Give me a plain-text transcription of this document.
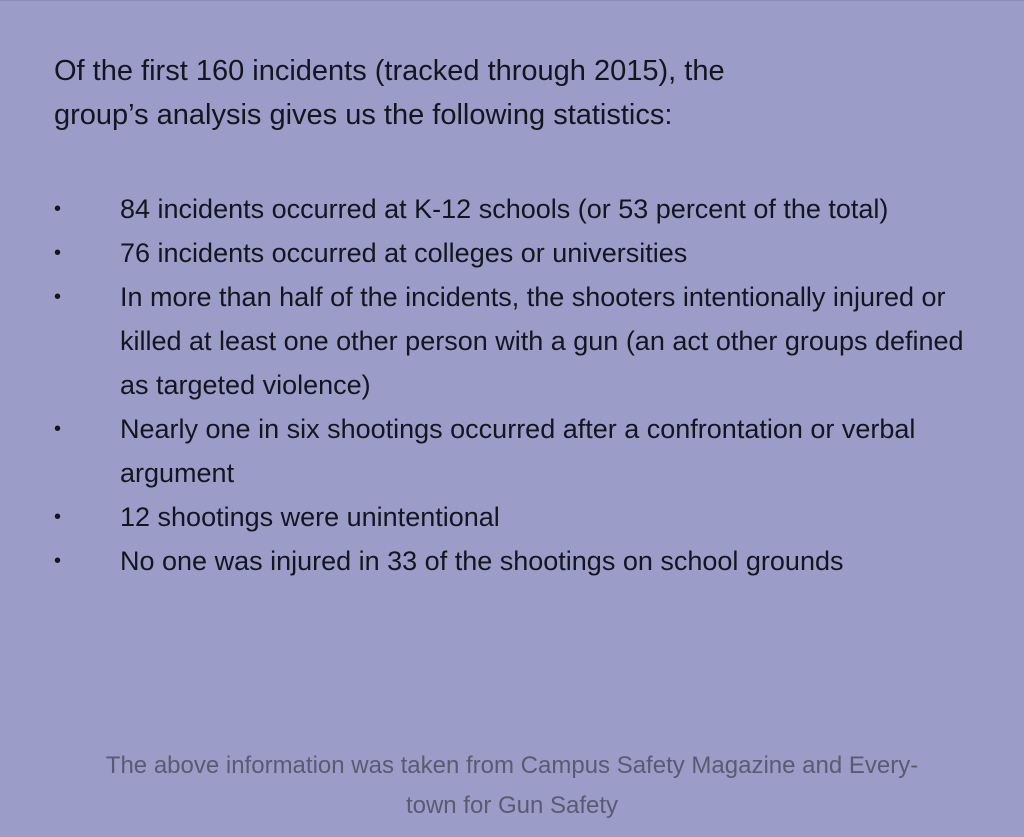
Of the first 160 incidents (tracked through 2015), the
group’s analysis gives us the following statistics:

• 84 incidents occurred at K-12 schools (or 53 percent of the total)
• 76 incidents occurred at colleges or universities
• In more than half of the incidents, the shooters intentionally injured or killed at least one other person with a gun (an act other groups defined as targeted violence)
• Nearly one in six shootings occurred after a confrontation or verbal argument
• 12 shootings were unintentional
• No one was injured in 33 of the shootings on school grounds
The above information was taken from Campus Safety Magazine and Every-
town for Gun Safety
